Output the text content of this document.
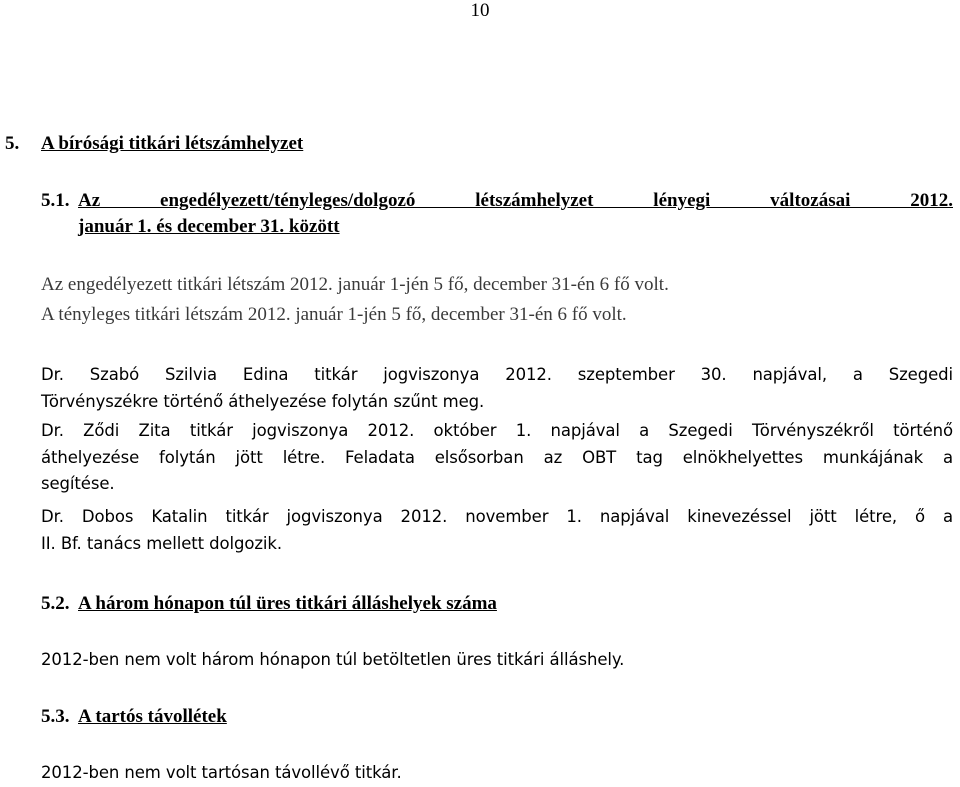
10
5. A bírósági titkári létszámhelyzet
5.1. Az engedélyezett/tényleges/dolgozó létszámhelyzet lényegi változásai 2012.
január 1. és december 31. között
Az engedélyezett titkári létszám 2012. január 1-jén 5 fő, december 31-én 6 fő volt.
A tényleges titkári létszám 2012. január 1-jén 5 fő, december 31-én 6 fő volt.
Dr. Szabó Szilvia Edina titkár jogviszonya 2012. szeptember 30. napjával, a Szegedi
Törvényszékre történő áthelyezése folytán szűnt meg.
Dr. Ződi Zita titkár jogviszonya 2012. október 1. napjával a Szegedi Törvényszékről történő
áthelyezése folytán jött létre. Feladata elsősorban az OBT tag elnökhelyettes munkájának a
segítése.
Dr. Dobos Katalin titkár jogviszonya 2012. november 1. napjával kinevezéssel jött létre, ő a
II. Bf. tanács mellett dolgozik.
5.2. A három hónapon túl üres titkári álláshelyek száma
2012-ben nem volt három hónapon túl betöltetlen üres titkári álláshely.
5.3. A tartós távollétek
2012-ben nem volt tartósan távollévő titkár.
